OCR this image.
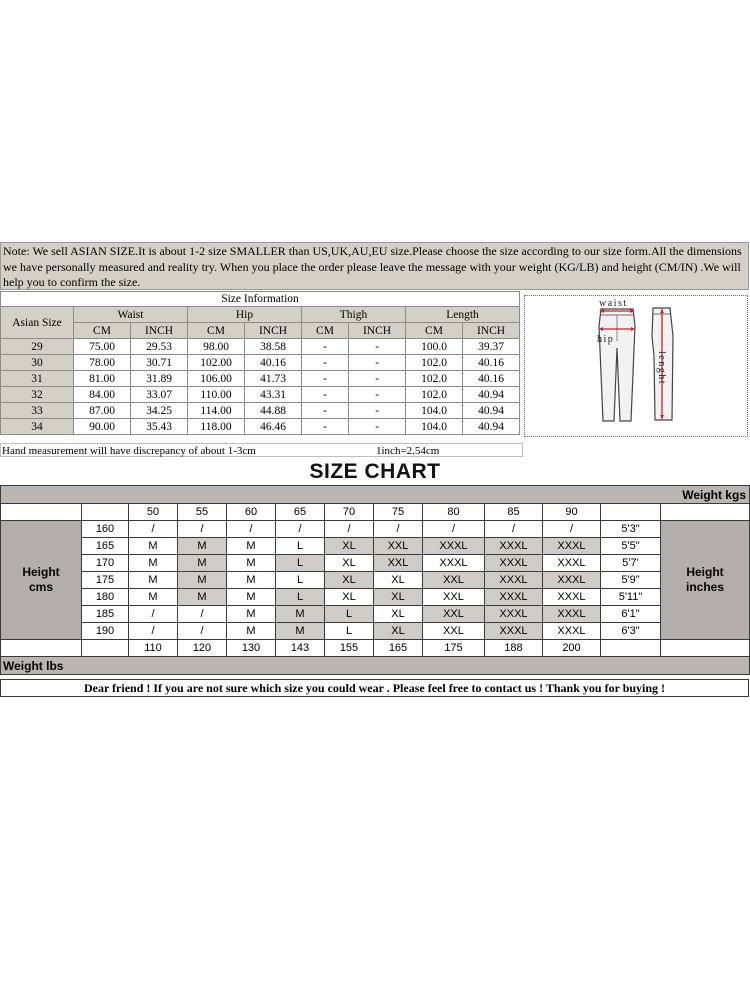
Note: We sell ASIAN SIZE.It is about 1-2 size SMALLER than US,UK,AU,EU size.Please choose the size according to our size form.All the dimensions we have personally measured and reality try. When you place the order please leave the message with your weight (KG/LB) and height (CM/IN) .We will help you to confirm the size.
Size Information								
Asian Size	Waist		Hip		Thigh		Length	
	CM	INCH	CM	INCH	CM	INCH	CM	INCH
29	75.00	29.53	98.00	38.58	-	-	100.0	39.37
30	78.00	30.71	102.00	40.16	-	-	102.0	40.16
31	81.00	31.89	106.00	41.73	-	-	102.0	40.16
32	84.00	33.07	110.00	43.31	-	-	102.0	40.94
33	87.00	34.25	114.00	44.88	-	-	104.0	40.94
34	90.00	35.43	118.00	46.46	-	-	104.0	40.94
Hand measurement will have discrepancy of about 1-3cm	1inch=2.54cm
waist
hip
lenght
SIZE CHART
Weight kgs												
		50	55	60	65	70	75	80	85	90		
Height cms	160	/	/	/	/	/	/	/	/	/	5'3"	Height inches
	165	M	M	M	L	XL	XXL	XXXL	XXXL	XXXL	5'5"	
	170	M	M	M	L	XL	XXL	XXXL	XXXL	XXXL	5'7'	
	175	M	M	M	L	XL	XL	XXL	XXXL	XXXL	5'9"	
	180	M	M	M	L	XL	XL	XXL	XXXL	XXXL	5'11"	
	185	/	/	M	M	L	XL	XXL	XXXL	XXXL	6'1"	
	190	/	/	M	M	L	XL	XXL	XXXL	XXXL	6'3"	
		110	120	130	143	155	165	175	188	200		
Weight lbs												
Dear friend ! If you are not sure which size you could wear . Please feel free to contact us ! Thank you for buying !
